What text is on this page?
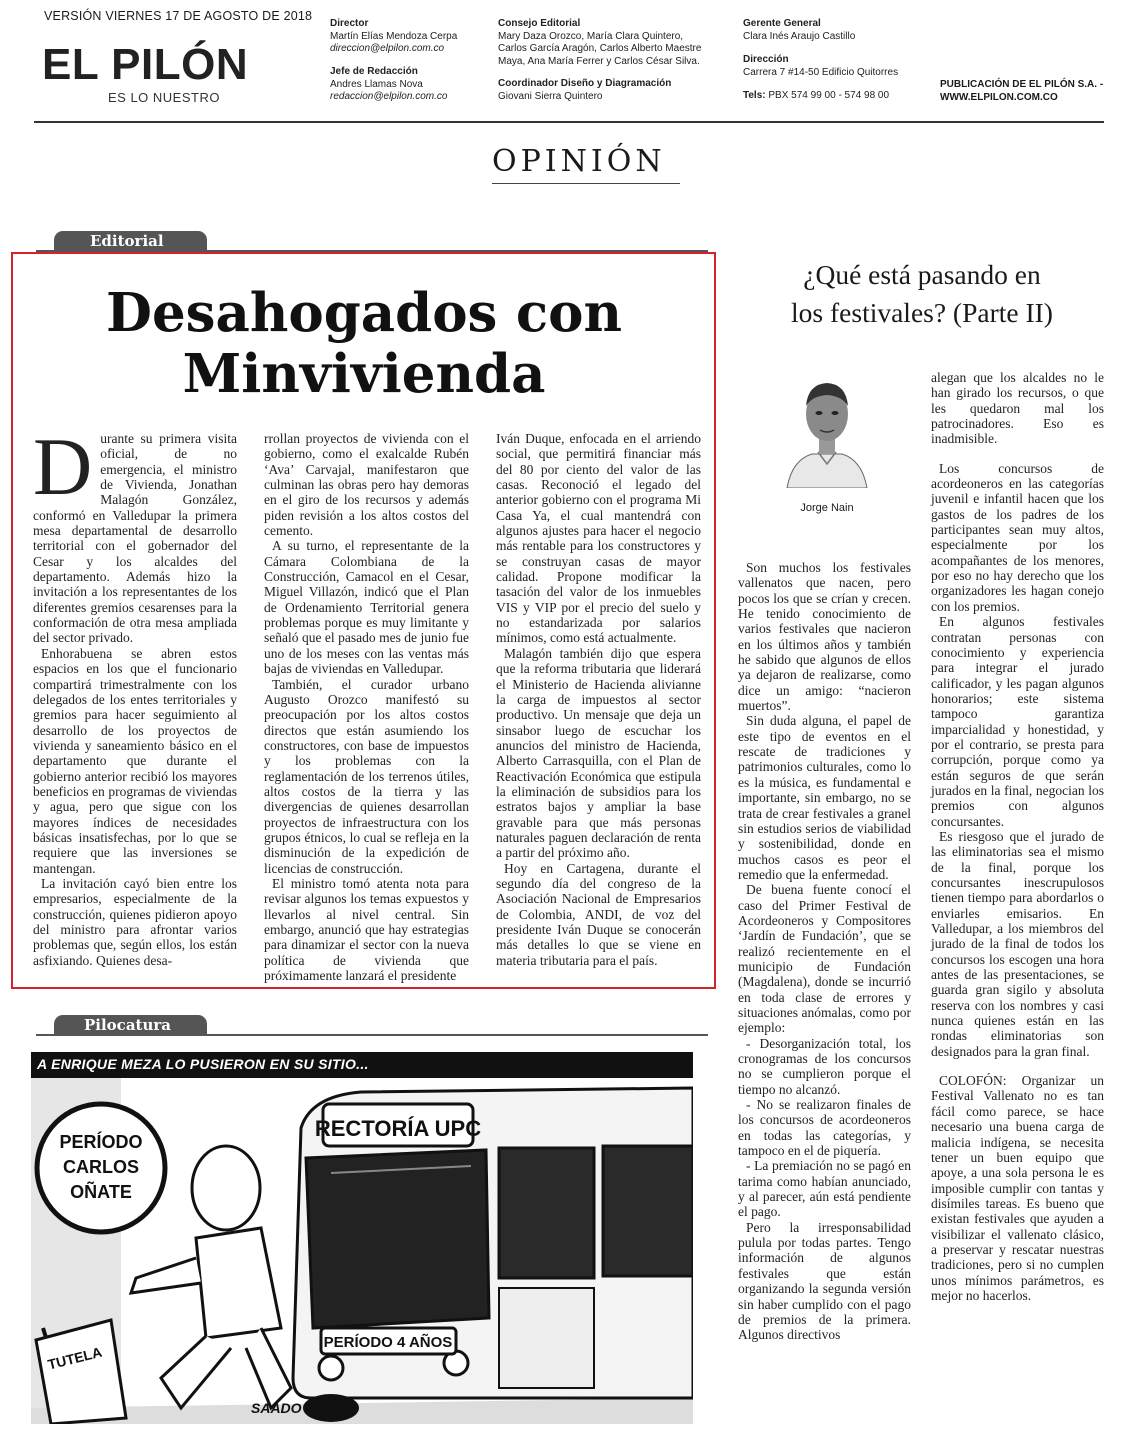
VERSIÓN VIERNES 17 DE AGOSTO DE 2018
EL PILÓN
ES LO NUESTRO
Director
Martín Elías Mendoza Cerpa
direccion@elpilon.com.co
Jefe de Redacción
Andres Llamas Nova
redaccion@elpilon.com.co
Consejo Editorial
Mary Daza Orozco, María Clara Quintero,
Carlos García Aragón, Carlos Alberto Maestre
Maya, Ana María Ferrer y Carlos César Silva.
Coordinador Diseño y Diagramación
Giovani Sierra Quintero
Gerente General
Clara Inés Araujo Castillo
Dirección
Carrera 7 #14-50 Edificio Quitorres
Tels: PBX 574 99 00 - 574 98 00
PUBLICACIÓN DE EL PILÓN S.A. -
WWW.ELPILON.COM.CO
OPINIÓN
Editorial
Desahogados con
Minvivienda

Durante su primera visita oficial, de no emergencia, el ministro de Vivienda, Jonathan Malagón González, conformó en Valledupar la primera mesa departamental de desarrollo territorial con el gobernador del Cesar y los alcaldes del departamento. Además hizo la invitación a los representantes de los diferentes gremios cesarenses para la conformación de otra mesa ampliada del sector privado.

Enhorabuena se abren estos espacios en los que el funcionario compartirá trimestralmente con los delegados de los entes territoriales y gremios para hacer seguimiento al desarrollo de los proyectos de vivienda y saneamiento básico en el departamento que durante el gobierno anterior recibió los mayores beneficios en programas de viviendas y agua, pero que sigue con los mayores índices de necesidades básicas insatisfechas, por lo que se requiere que las inversiones se mantengan.

La invitación cayó bien entre los empresarios, especialmente de la construcción, quienes pidieron apoyo del ministro para afrontar varios problemas que, según ellos, los están asfixiando. Quienes desa-

rrollan proyectos de vivienda con el gobierno, como el exalcalde Rubén ‘Ava’ Carvajal, manifestaron que culminan las obras pero hay demoras en el giro de los recursos y además piden revisión a los altos costos del cemento.

A su turno, el representante de la Cámara Colombiana de la Construcción, Camacol en el Cesar, Miguel Villazón, indicó que el Plan de Ordenamiento Territorial genera problemas porque es muy limitante y señaló que el pasado mes de junio fue uno de los meses con las ventas más bajas de viviendas en Valledupar.

También, el curador urbano Augusto Orozco manifestó su preocupación por los altos costos directos que están asumiendo los constructores, con base de impuestos y los problemas con la reglamentación de los terrenos útiles, altos costos de la tierra y las divergencias de quienes desarrollan proyectos de infraestructura con los grupos étnicos, lo cual se refleja en la disminución de la expedición de licencias de construcción.

El ministro tomó atenta nota para revisar algunos los temas expuestos y llevarlos al nivel central. Sin embargo, anunció que hay estrategias para dinamizar el sector con la nueva política de vivienda que próximamente lanzará el presidente

Iván Duque, enfocada en el arriendo social, que permitirá financiar más del 80 por ciento del valor de las casas. Reconoció el legado del anterior gobierno con el programa Mi Casa Ya, el cual mantendrá con algunos ajustes para hacer el negocio más rentable para los constructores y se construyan casas de mayor calidad. Propone modificar la tasación del valor de los inmuebles VIS y VIP por el precio del suelo y no estandarizada por salarios mínimos, como está actualmente.

Malagón también dijo que espera que la reforma tributaria que liderará el Ministerio de Hacienda alivianne la carga de impuestos al sector productivo. Un mensaje que deja un sinsabor luego de escuchar los anuncios del ministro de Hacienda, Alberto Carrasquilla, con el Plan de Reactivación Económica que estipula la eliminación de subsidios para los estratos bajos y ampliar la base gravable para que más personas naturales paguen declaración de renta a partir del próximo año.

Hoy en Cartagena, durante el segundo día del congreso de la Asociación Nacional de Empresarios de Colombia, ANDI, de voz del presidente Iván Duque se conocerán más detalles lo que se viene en materia tributaria para el país.

Pilocatura
A ENRIQUE MEZA LO PUSIERON EN SU SITIO...
RECTORÍA UPC
PERÍODO
CARLOS
OÑATE
PERÍODO 4 AÑOS
TUTELA
SAADO
¿Qué está pasando en
los festivales? (Parte II)
Jorge Nain

Son muchos los festivales vallenatos que nacen, pero pocos los que se crían y crecen. He tenido conocimiento de varios festivales que nacieron en los últimos años y también he sabido que algunos de ellos ya dejaron de realizarse, como dice un amigo: “nacieron muertos”.

Sin duda alguna, el papel de este tipo de eventos en el rescate de tradiciones y patrimonios culturales, como lo es la música, es fundamental e importante, sin embargo, no se trata de crear festivales a granel sin estudios serios de viabilidad y sostenibilidad, donde en muchos casos es peor el remedio que la enfermedad.

De buena fuente conocí el caso del Primer Festival de Acordeoneros y Compositores ‘Jardín de Fundación’, que se realizó recientemente en el municipio de Fundación (Magdalena), donde se incurrió en toda clase de errores y situaciones anómalas, como por ejemplo:

- Desorganización total, los cronogramas de los concursos no se cumplieron porque el tiempo no alcanzó.

- No se realizaron finales de los concursos de acordeoneros en todas las categorías, y tampoco en el de piquería.

- La premiación no se pagó en tarima como habían anunciado, y al parecer, aún está pendiente el pago.

Pero la irresponsabilidad pulula por todas partes. Tengo información de algunos festivales que están organizando la segunda versión sin haber cumplido con el pago de premios de la primera. Algunos directivos

alegan que los alcaldes no le han girado los recursos, o que les quedaron mal los patrocinadores. Eso es inadmisible.

Los concursos de acordeoneros en las categorías juvenil e infantil hacen que los gastos de los padres de los participantes sean muy altos, especialmente por los acompañantes de los menores, por eso no hay derecho que los organizadores les hagan conejo con los premios.

En algunos festivales contratan personas con conocimiento y experiencia para integrar el jurado calificador, y les pagan algunos honorarios; este sistema tampoco garantiza imparcialidad y honestidad, y por el contrario, se presta para corrupción, porque como ya están seguros de que serán jurados en la final, negocian los premios con algunos concursantes.

Es riesgoso que el jurado de las eliminatorias sea el mismo de la final, porque los concursantes inescrupulosos tienen tiempo para abordarlos o enviarles emisarios. En Valledupar, a los miembros del jurado de la final de todos los concursos los escogen una hora antes de las presentaciones, se guarda gran sigilo y absoluta reserva con los nombres y casi nunca quienes están en las rondas eliminatorias son designados para la gran final.

COLOFÓN: Organizar un Festival Vallenato no es tan fácil como parece, se hace necesario una buena carga de malicia indígena, se necesita tener un buen equipo que apoye, a una sola persona le es imposible cumplir con tantas y disímiles tareas. Es bueno que existan festivales que ayuden a visibilizar el vallenato clásico, a preservar y rescatar nuestras tradiciones, pero si no cumplen unos mínimos parámetros, es mejor no hacerlos.
